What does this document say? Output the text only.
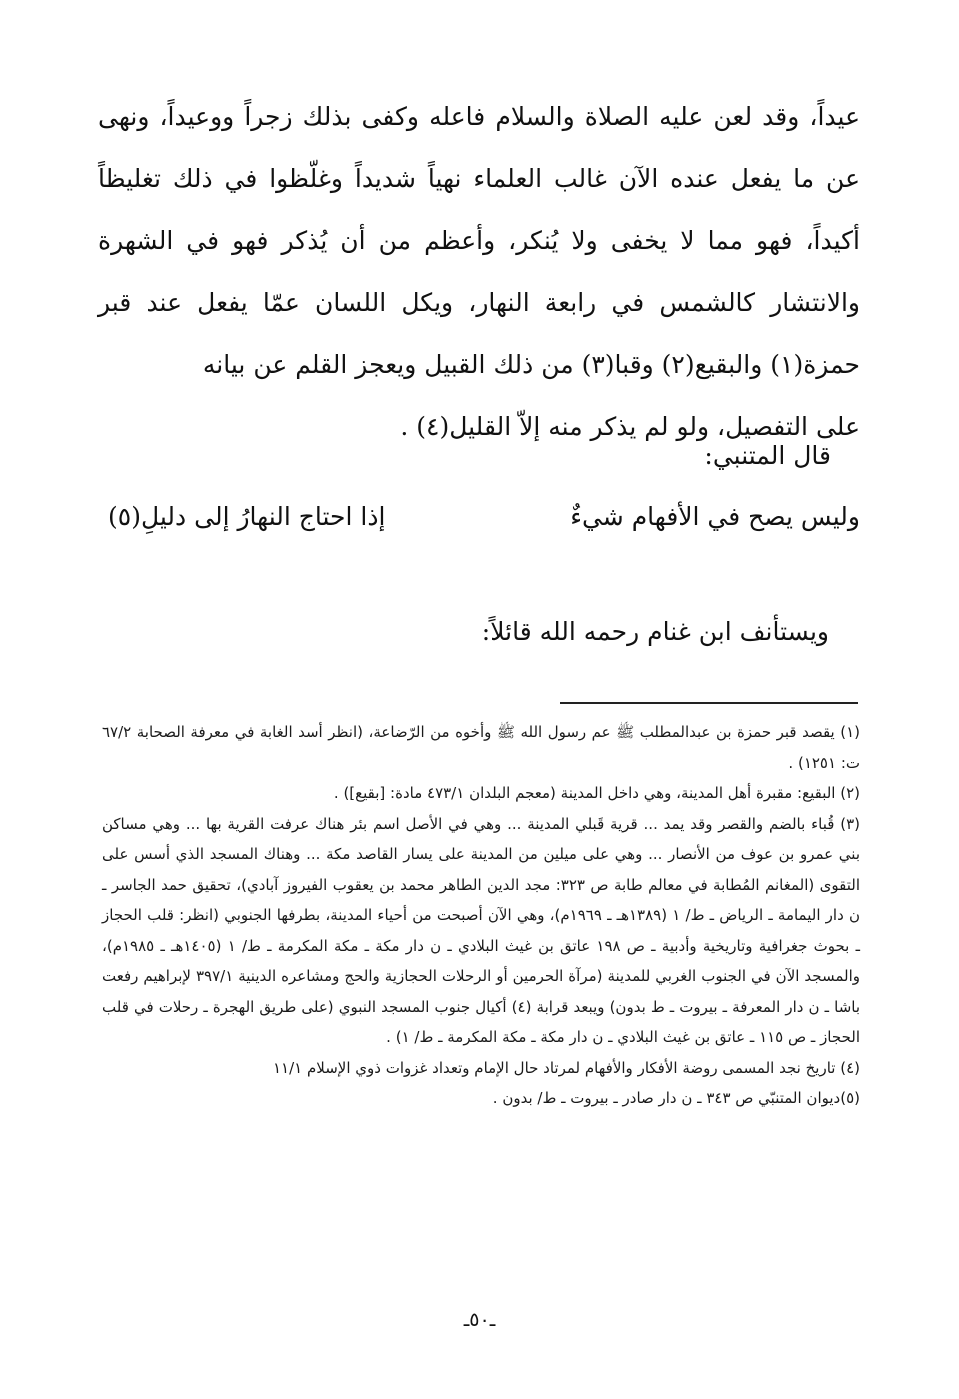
عيداً، وقد لعن عليه الصلاة والسلام فاعله وكفى بذلك زجراً ووعيداً، ونهى عن ما يفعل عنده الآن غالب العلماء نهياً شديداً وغلّظوا في ذلك تغليظاً أكيداً، فهو مما لا يخفى ولا يُنكر، وأعظم من أن يُذكر فهو في الشهرة والانتشار كالشمس في رابعة النهار، ويكل اللسان عمّا يفعل عند قبر حمزة(١) والبقيع(٢) وقبا(٣) من ذلك القبيل ويعجز القلم عن بيانه

على التفصيل، ولو لم يذكر منه إلاّ القليل(٤) .

قال المتنبي:
وليس يصح في الأفهام شيءٌ
إذا احتاج النهارُ إلى دليلِ(٥)
ويستأنف ابن غنام رحمه الله قائلاً:

(١) يقصد قبر حمزة بن عبدالمطلب ﷺ عم رسول الله ﷺ وأخوه من الرّضاعة، (انظر أسد الغابة في معرفة الصحابة ٦٧/٢ ت: ١٢٥١) .

(٢) البقيع: مقبرة أهل المدينة، وهي داخل المدينة (معجم البلدان ٤٧٣/١ مادة: [بقيع]) .

(٣) قُباء بالضم والقصر وقد يمد ... قرية قَبلي المدينة ... وهي في الأصل اسم بئر هناك عرفت القرية بها ... وهي مساكن بني عمرو بن عوف من الأنصار ... وهي على ميلين من المدينة على يسار القاصد مكة ... وهناك المسجد الذي أسس على التقوى (المغانم المُطابة في معالم طابة ص ٣٢٣: مجد الدين الطاهر محمد بن يعقوب الفيروز آبادي)، تحقيق حمد الجاسر ـ ن دار اليمامة ـ الرياض ـ ط/ ١ (١٣٨٩هـ ـ ١٩٦٩م)، وهي الآن أصبحت من أحياء المدينة، بطرفها الجنوبي (انظر: قلب الحجاز ـ بحوث جغرافية وتاريخية وأدبية ـ ص ١٩٨ عاتق بن غيث البلادي ـ ن دار مكة ـ مكة المكرمة ـ ط/ ١ (١٤٠٥هـ ـ ١٩٨٥م)، والمسجد الآن في الجنوب الغربي للمدينة (مرآة الحرمين أو الرحلات الحجازية والحج ومشاعره الدينية ٣٩٧/١ لإبراهيم رفعت باشا ـ ن دار المعرفة ـ بيروت ـ ط بدون) ويبعد قرابة (٤) أكيال جنوب المسجد النبوي (على طريق الهجرة ـ رحلات في قلب الحجاز ـ ص ١١٥ ـ عاتق بن غيث البلادي ـ ن دار مكة ـ مكة المكرمة ـ ط/ ١) .

(٤) تاريخ نجد المسمى روضة الأفكار والأفهام لمرتاد حال الإمام وتعداد غزوات ذوي الإسلام ١١/١

(٥)ديوان المتنبّي ص ٣٤٣ ـ ن دار صادر ـ بيروت ـ ط/ بدون .

ـ٥٠ـ
